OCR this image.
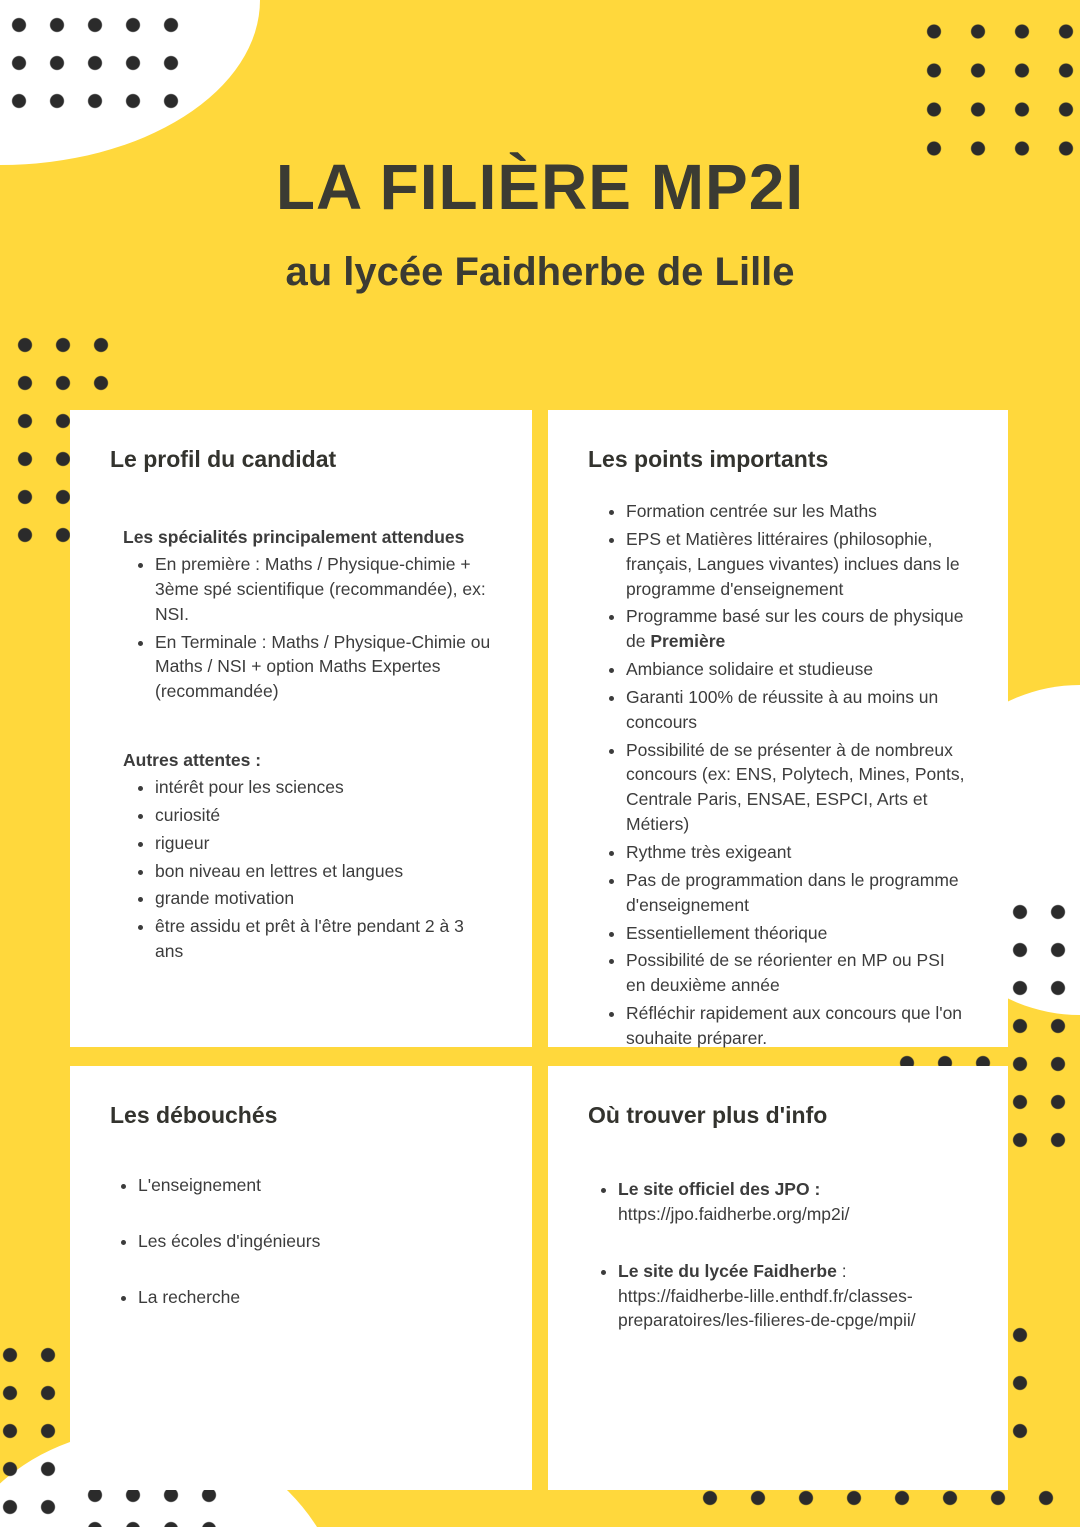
LA FILIÈRE MP2I
au lycée Faidherbe de Lille
Le profil du candidat

Les spécialités principalement attendues

• En première : Maths / Physique-chimie + 3ème spé scientifique (recommandée), ex: NSI.
• En Terminale : Maths / Physique-Chimie ou Maths / NSI + option Maths Expertes (recommandée)

Autres attentes :

• intérêt pour les sciences
• curiosité
• rigueur
• bon niveau en lettres et langues
• grande motivation
• être assidu et prêt à l'être pendant 2 à 3 ans
Les points importants
• Formation centrée sur les Maths
• EPS et Matières littéraires (philosophie, français, Langues vivantes) inclues dans le programme d'enseignement
• Programme basé sur les cours de physique de Première
• Ambiance solidaire et studieuse
• Garanti 100% de réussite à au moins un concours
• Possibilité de se présenter à de nombreux concours (ex: ENS, Polytech, Mines, Ponts, Centrale Paris, ENSAE, ESPCI, Arts et Métiers)
• Rythme très exigeant
• Pas de programmation dans le programme d'enseignement
• Essentiellement théorique
• Possibilité de se réorienter en MP ou PSI en deuxième année
• Réfléchir rapidement aux concours que l'on souhaite préparer.
Les débouchés
• L'enseignement
• Les écoles d'ingénieurs
• La recherche
Où trouver plus d'info
• Le site officiel des JPO :
https://jpo.faidherbe.org/mp2i/
• Le site du lycée Faidherbe :
https://faidherbe-lille.enthdf.fr/classes-preparatoires/les-filieres-de-cpge/mpii/
